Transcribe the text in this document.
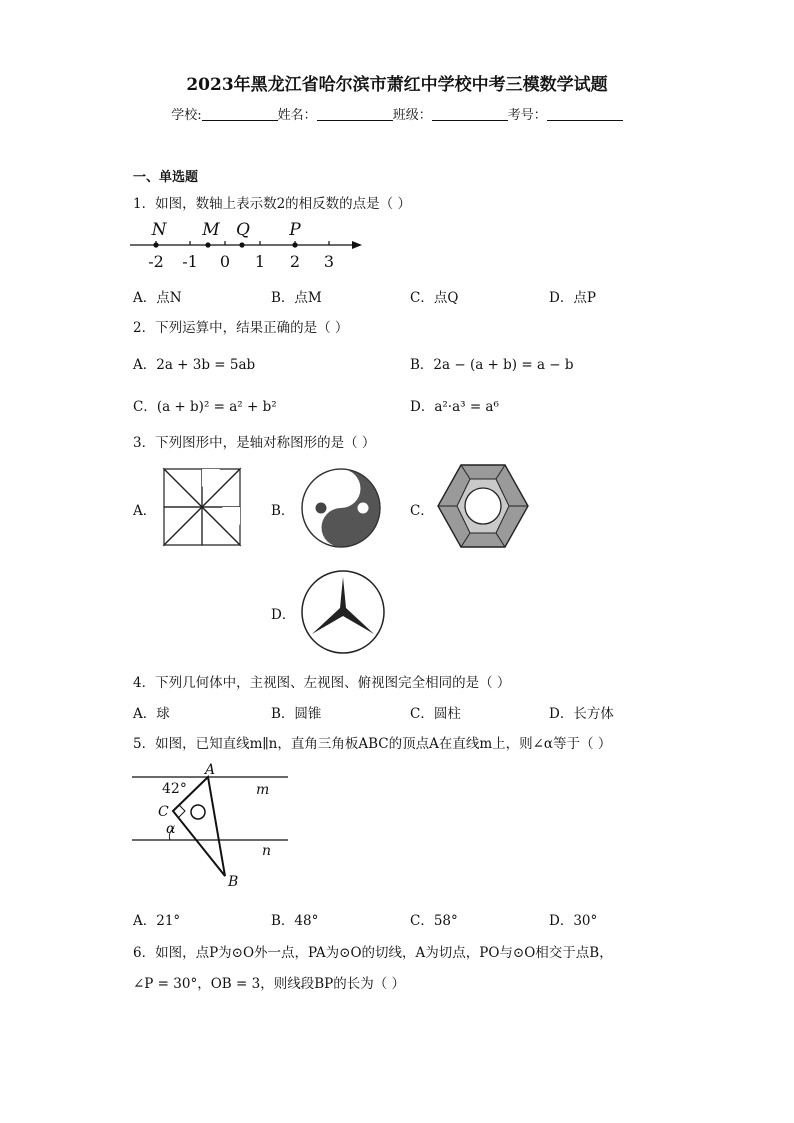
2023年黑龙江省哈尔滨市萧红中学校中考三模数学试题
学校:	姓名：	班级：	考号：
一、单选题
1．如图，数轴上表示数2的相反数的点是（ ）
N M Q P
-2 -1 0 1 2 3
A．点N	B．点M	C．点Q	D．点P
2．下列运算中，结果正确的是（ ）
A．2a + 3b = 5ab	B．2a − (a + b) = a − b
C．(a + b)² = a² + b²	D．a²·a³ = a⁶
3．下列图形中，是轴对称图形的是（ ）
A．	B．	C．
D．
4．下列几何体中，主视图、左视图、俯视图完全相同的是（ ）
A．球	B．圆锥	C．圆柱	D．长方体
5．如图，已知直线m∥n，直角三角板ABC的顶点A在直线m上，则∠α等于（ ）
A
B
C
m
n
42°
α
A．21°	B．48°	C．58°	D．30°
6．如图，点P为⊙O外一点，PA为⊙O的切线，A为切点，PO与⊙O相交于点B，
∠P = 30°，OB = 3，则线段BP的长为（ ）
